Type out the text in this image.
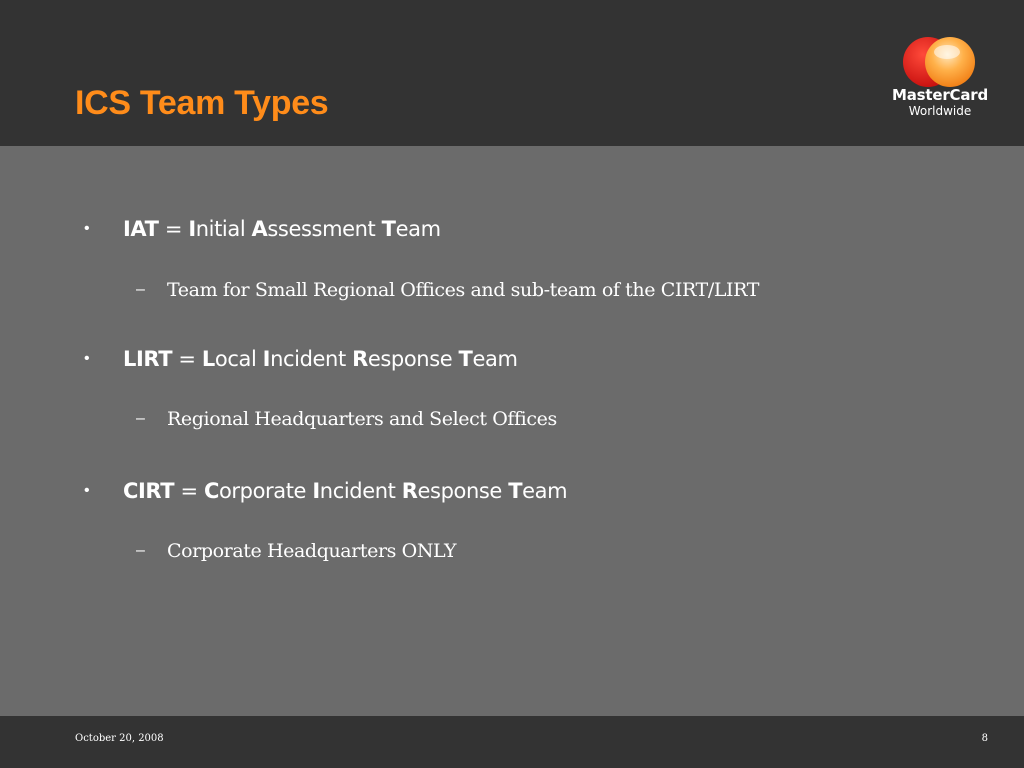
ICS Team Types	MasterCard
Worldwide
• IAT = Initial Assessment Team
– Team for Small Regional Offices and sub-team of the CIRT/LIRT
• LIRT = Local Incident Response Team
– Regional Headquarters and Select Offices
• CIRT = Corporate Incident Response Team
– Corporate Headquarters ONLY
October 20, 2008	8
